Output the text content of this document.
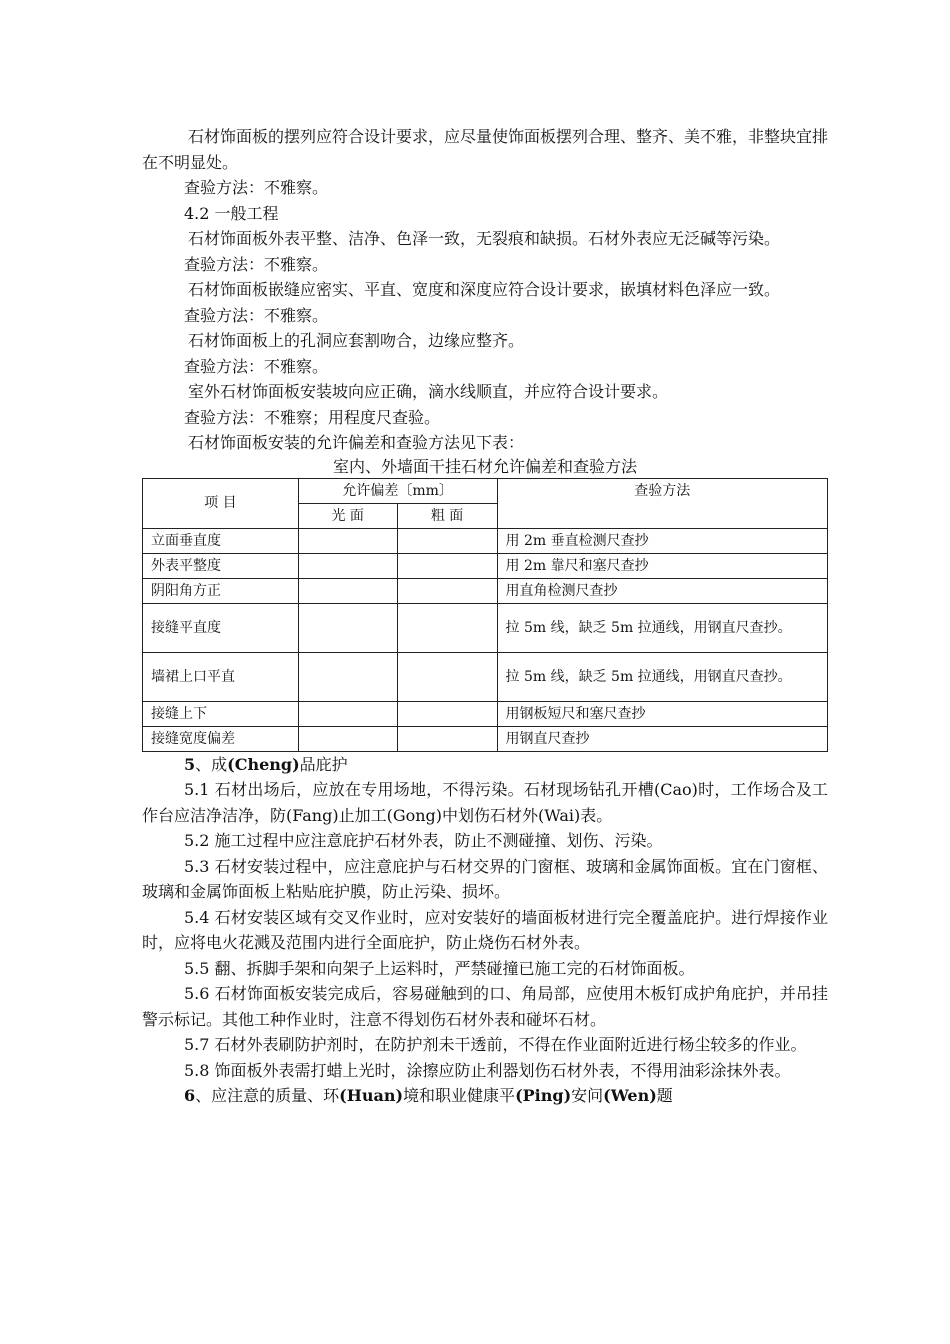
石材饰面板的摆列应符合设计要求，应尽量使饰面板摆列合理、整齐、美不雅，非整块宜排在不明显处。

查验方法：不雅察。

4.2 一般工程

石材饰面板外表平整、洁净、色泽一致，无裂痕和缺损。石材外表应无泛碱等污染。

查验方法：不雅察。

石材饰面板嵌缝应密实、平直、宽度和深度应符合设计要求，嵌填材料色泽应一致。

查验方法：不雅察。

石材饰面板上的孔洞应套割吻合，边缘应整齐。

查验方法：不雅察。

室外石材饰面板安装坡向应正确，滴水线顺直，并应符合设计要求。

查验方法：不雅察；用程度尺查验。

石材饰面板安装的允许偏差和查验方法见下表：

室内、外墙面干挂石材允许偏差和查验方法

项 目	允许偏差〔mm〕		查验方法
	光 面	粗 面	
立面垂直度			用 2m 垂直检测尺查抄
外表平整度			用 2m 靠尺和塞尺查抄
阴阳角方正			用直角检测尺查抄
接缝平直度			拉 5m 线，缺乏 5m 拉通线，用钢直尺查抄。
墙裙上口平直			拉 5m 线，缺乏 5m 拉通线，用钢直尺查抄。
接缝上下			用钢板短尺和塞尺查抄
接缝宽度偏差			用钢直尺查抄

5、成(Cheng)品庇护

5.1 石材出场后，应放在专用场地，不得污染。石材现场钻孔开槽(Cao)时，工作场合及工作台应洁净洁净，防(Fang)止加工(Gong)中划伤石材外(Wai)表。

5.2 施工过程中应注意庇护石材外表，防止不测碰撞、划伤、污染。

5.3 石材安装过程中，应注意庇护与石材交界的门窗框、玻璃和金属饰面板。宜在门窗框、玻璃和金属饰面板上粘贴庇护膜，防止污染、损坏。

5.4 石材安装区域有交叉作业时，应对安装好的墙面板材进行完全覆盖庇护。进行焊接作业时，应将电火花溅及范围内进行全面庇护，防止烧伤石材外表。

5.5 翻、拆脚手架和向架子上运料时，严禁碰撞已施工完的石材饰面板。

5.6 石材饰面板安装完成后，容易碰触到的口、角局部，应使用木板钉成护角庇护，并吊挂警示标记。其他工种作业时，注意不得划伤石材外表和碰坏石材。

5.7 石材外表刷防护剂时，在防护剂未干透前，不得在作业面附近进行杨尘较多的作业。

5.8 饰面板外表需打蜡上光时，涂擦应防止利器划伤石材外表，不得用油彩涂抹外表。

6、应注意的质量、环(Huan)境和职业健康平(Ping)安问(Wen)题
